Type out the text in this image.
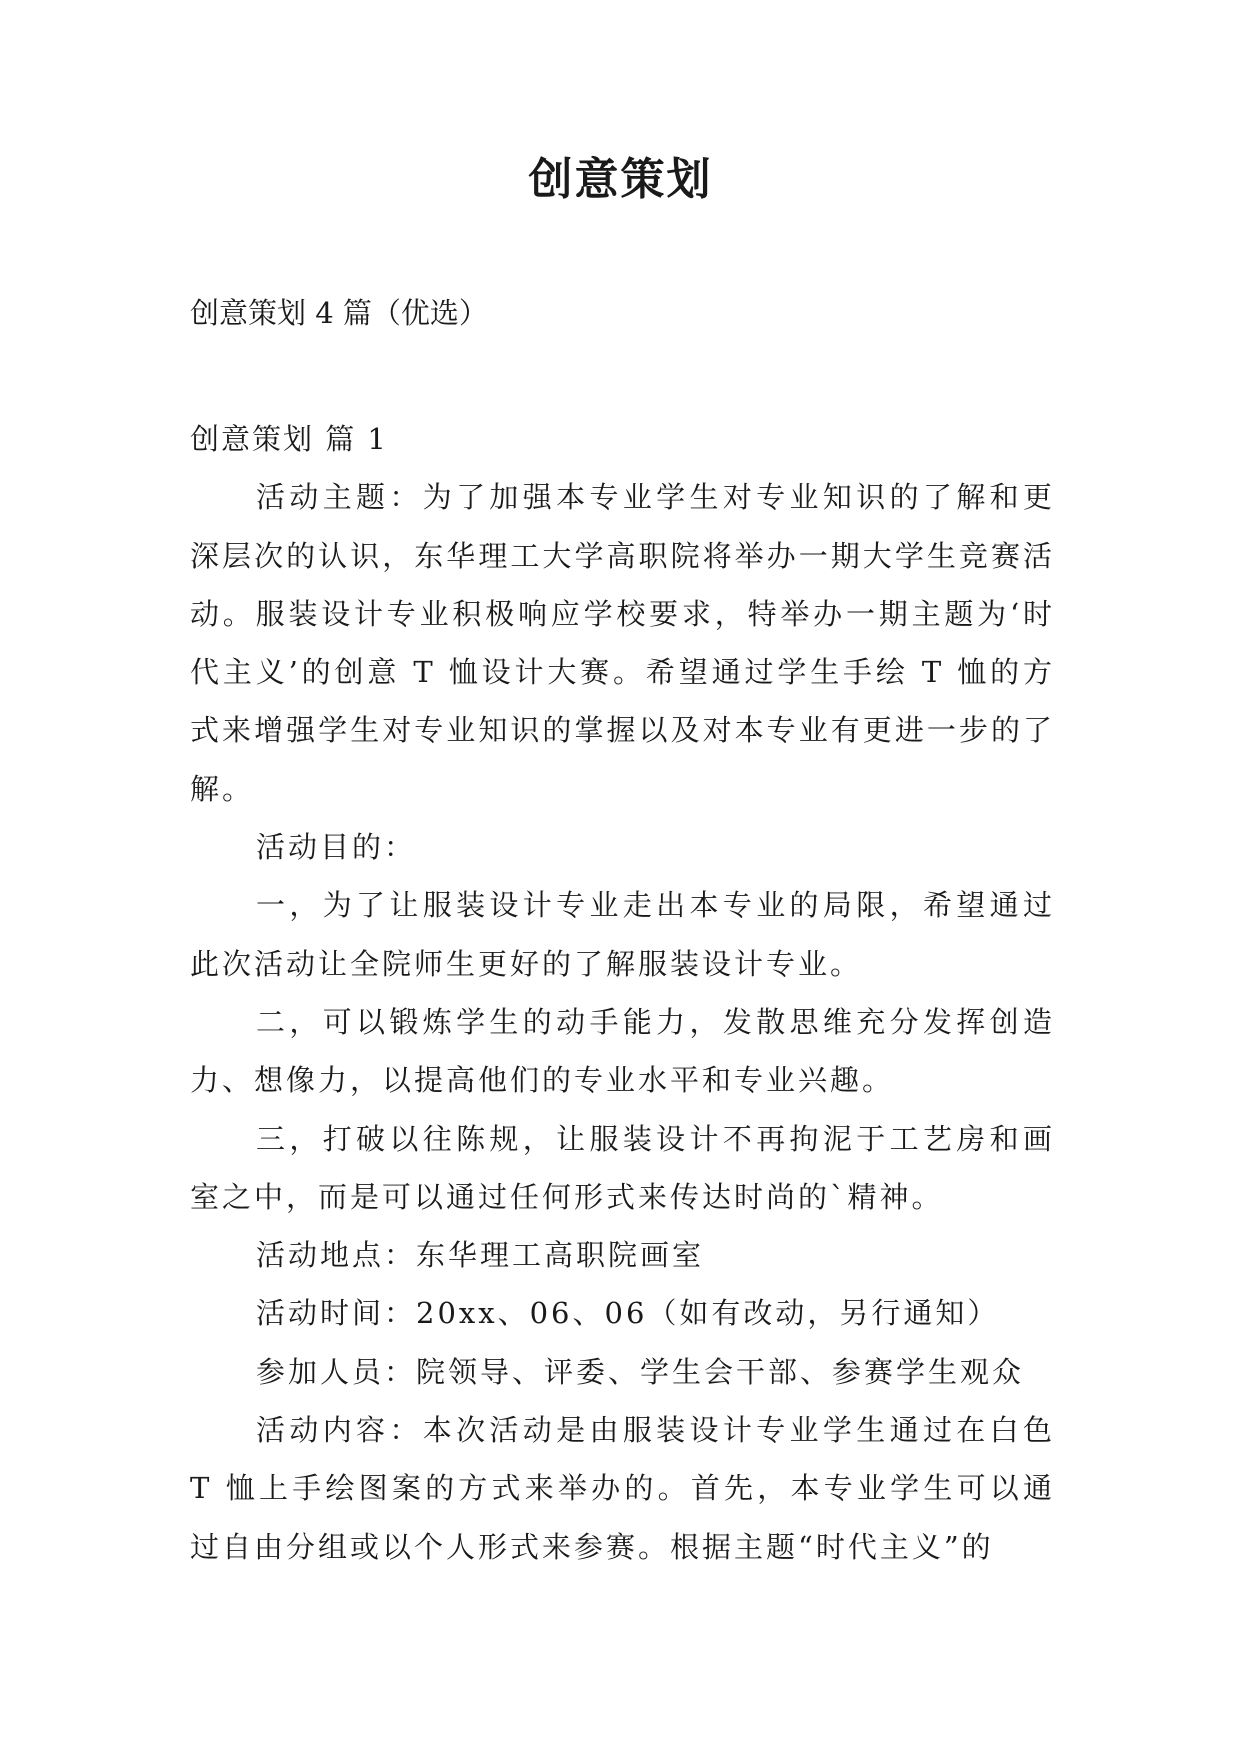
创意策划

创意策划 4 篇（优选）

创意策划 篇 1

活动主题：为了加强本专业学生对专业知识的了解和更深层次的认识，东华理工大学高职院将举办一期大学生竞赛活动。服装设计专业积极响应学校要求，特举办一期主题为‘时代主义’的创意 T 恤设计大赛。希望通过学生手绘 T 恤的方式来增强学生对专业知识的掌握以及对本专业有更进一步的了解。

活动目的：

一，为了让服装设计专业走出本专业的局限，希望通过此次活动让全院师生更好的了解服装设计专业。

二，可以锻炼学生的动手能力，发散思维充分发挥创造力、想像力，以提高他们的专业水平和专业兴趣。

三，打破以往陈规，让服装设计不再拘泥于工艺房和画室之中，而是可以通过任何形式来传达时尚的`精神。

活动地点：东华理工高职院画室

活动时间：20xx、06、06（如有改动，另行通知）

参加人员：院领导、评委、学生会干部、参赛学生观众

活动内容：本次活动是由服装设计专业学生通过在白色 T 恤上手绘图案的方式来举办的。首先，本专业学生可以通过自由分组或以个人形式来参赛。根据主题“时代主义”的
